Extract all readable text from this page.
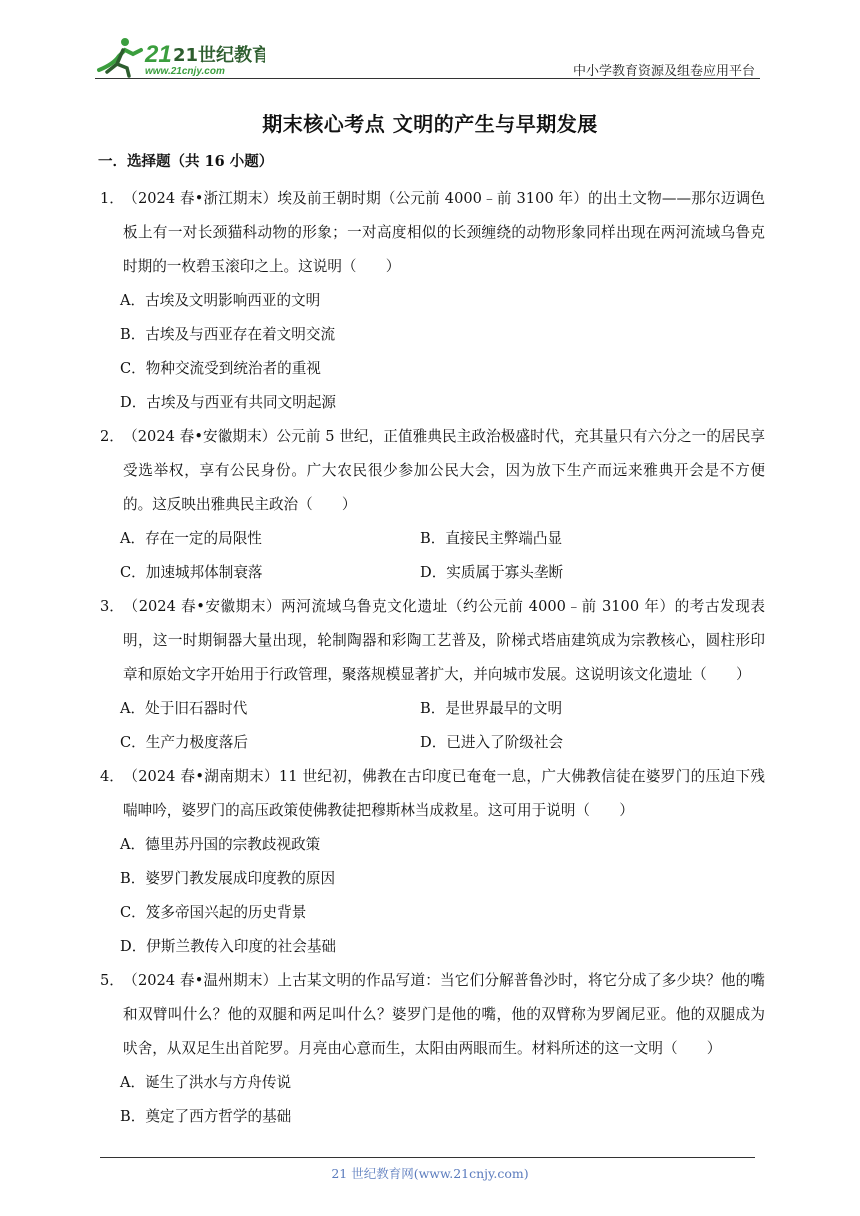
21 21世纪教育
www.21cnjy.com	中小学教育资源及组卷应用平台
期末核心考点 文明的产生与早期发展
一．选择题（共 16 小题）
1．（2024 春•浙江期末）埃及前王朝时期（公元前 4000﹣前 3100 年）的出土文物——那尔迈调色板上有一对长颈猫科动物的形象；一对高度相似的长颈缠绕的动物形象同样出现在两河流域乌鲁克时期的一枚碧玉滚印之上。这说明（　　）
A．古埃及文明影响西亚的文明
B．古埃及与西亚存在着文明交流
C．物种交流受到统治者的重视
D．古埃及与西亚有共同文明起源
2．（2024 春•安徽期末）公元前 5 世纪，正值雅典民主政治极盛时代，充其量只有六分之一的居民享受选举权，享有公民身份。广大农民很少参加公民大会，因为放下生产而远来雅典开会是不方便的。这反映出雅典民主政治（　　）
A．存在一定的局限性	B．直接民主弊端凸显
C．加速城邦体制衰落	D．实质属于寡头垄断
3．（2024 春•安徽期末）两河流域乌鲁克文化遗址（约公元前 4000﹣前 3100 年）的考古发现表明，这一时期铜器大量出现，轮制陶器和彩陶工艺普及，阶梯式塔庙建筑成为宗教核心，圆柱形印章和原始文字开始用于行政管理，聚落规模显著扩大，并向城市发展。这说明该文化遗址（　　）
A．处于旧石器时代	B．是世界最早的文明
C．生产力极度落后	D．已进入了阶级社会
4．（2024 春•湖南期末）11 世纪初，佛教在古印度已奄奄一息，广大佛教信徒在婆罗门的压迫下残喘呻吟，婆罗门的高压政策使佛教徒把穆斯林当成救星。这可用于说明（　　）
A．德里苏丹国的宗教歧视政策
B．婆罗门教发展成印度教的原因
C．笈多帝国兴起的历史背景
D．伊斯兰教传入印度的社会基础
5．（2024 春•温州期末）上古某文明的作品写道：当它们分解普鲁沙时，将它分成了多少块？他的嘴和双臂叫什么？他的双腿和两足叫什么？婆罗门是他的嘴，他的双臂称为罗阇尼亚。他的双腿成为吠舍，从双足生出首陀罗。月亮由心意而生，太阳由两眼而生。材料所述的这一文明（　　）
A．诞生了洪水与方舟传说
B．奠定了西方哲学的基础
21 世纪教育网(www.21cnjy.com)
